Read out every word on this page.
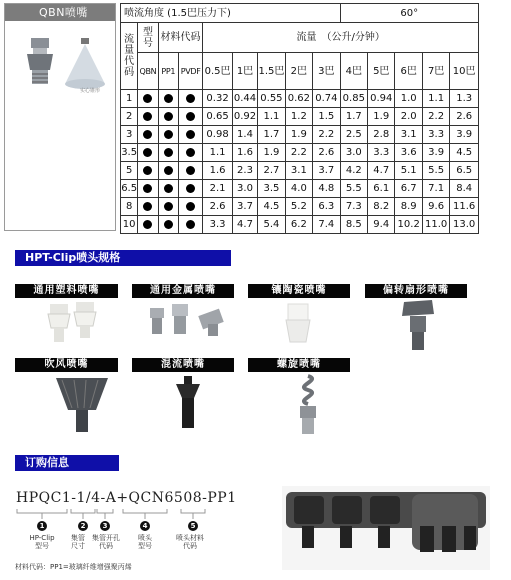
QBN喷嘴
实心锥形
喷流角度 (1.5巴压力下)									60°				
流量代码	型号	材料代码		流量　（公升/分钟）									
	QBN	PP1	PVDF	0.5巴	1巴	1.5巴	2巴	3巴	4巴	5巴	6巴	7巴	10巴
1				0.32	0.44	0.55	0.62	0.74	0.85	0.94	1.0	1.1	1.3
2				0.65	0.92	1.1	1.2	1.5	1.7	1.9	2.0	2.2	2.6
3				0.98	1.4	1.7	1.9	2.2	2.5	2.8	3.1	3.3	3.9
3.5				1.1	1.6	1.9	2.2	2.6	3.0	3.3	3.6	3.9	4.5
5				1.6	2.3	2.7	3.1	3.7	4.2	4.7	5.1	5.5	6.5
6.5				2.1	3.0	3.5	4.0	4.8	5.5	6.1	6.7	7.1	8.4
8				2.6	3.7	4.5	5.2	6.3	7.3	8.2	8.9	9.6	11.6
10				3.3	4.7	5.4	6.2	7.4	8.5	9.4	10.2	11.0	13.0
HPT-Clip喷头规格
通用塑料喷嘴	通用金属喷嘴	镶陶瓷喷嘴	偏转扇形喷嘴
吹风喷嘴	混流喷嘴	螺旋喷嘴
订购信息
HPQC1-1/4-A+QCN6508-PP1
1	2	3	4	5
HP-Clip
型号
集管
尺寸
集管开孔
代码
喷头
型号
喷头材料
代码
材料代码：PP1=玻璃纤维增强聚丙烯
